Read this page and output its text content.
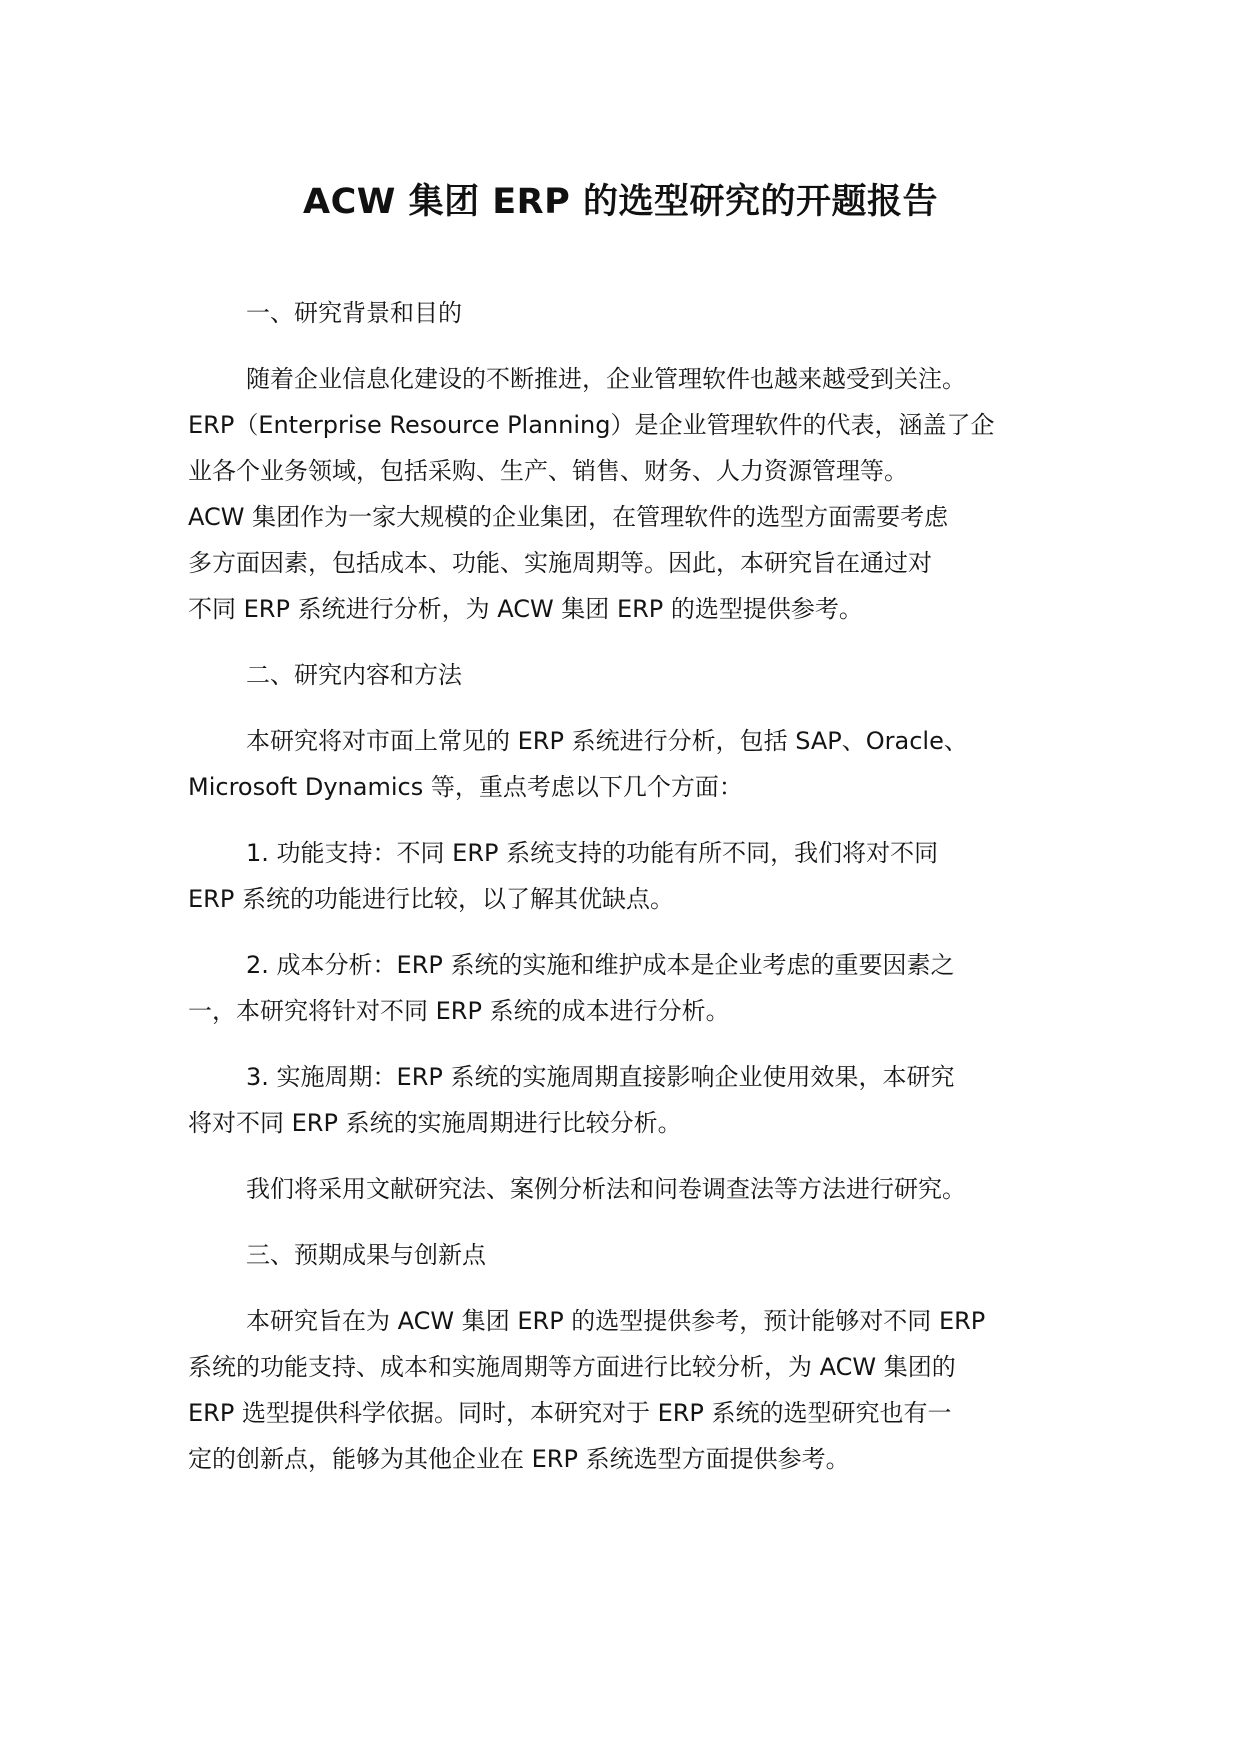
ACW 集团 ERP 的选型研究的开题报告

一、研究背景和目的

随着企业信息化建设的不断推进，企业管理软件也越来越受到关注。
ERP（Enterprise Resource Planning）是企业管理软件的代表，涵盖了企
业各个业务领域，包括采购、生产、销售、财务、人力资源管理等。
ACW 集团作为一家大规模的企业集团，在管理软件的选型方面需要考虑
多方面因素，包括成本、功能、实施周期等。因此，本研究旨在通过对
不同 ERP 系统进行分析，为 ACW 集团 ERP 的选型提供参考。

二、研究内容和方法

本研究将对市面上常见的 ERP 系统进行分析，包括 SAP、Oracle、
Microsoft Dynamics 等，重点考虑以下几个方面：

1. 功能支持：不同 ERP 系统支持的功能有所不同，我们将对不同
ERP 系统的功能进行比较，以了解其优缺点。

2. 成本分析：ERP 系统的实施和维护成本是企业考虑的重要因素之
一，本研究将针对不同 ERP 系统的成本进行分析。

3. 实施周期：ERP 系统的实施周期直接影响企业使用效果，本研究
将对不同 ERP 系统的实施周期进行比较分析。

我们将采用文献研究法、案例分析法和问卷调查法等方法进行研究。

三、预期成果与创新点

本研究旨在为 ACW 集团 ERP 的选型提供参考，预计能够对不同 ERP
系统的功能支持、成本和实施周期等方面进行比较分析，为 ACW 集团的
ERP 选型提供科学依据。同时，本研究对于 ERP 系统的选型研究也有一
定的创新点，能够为其他企业在 ERP 系统选型方面提供参考。
